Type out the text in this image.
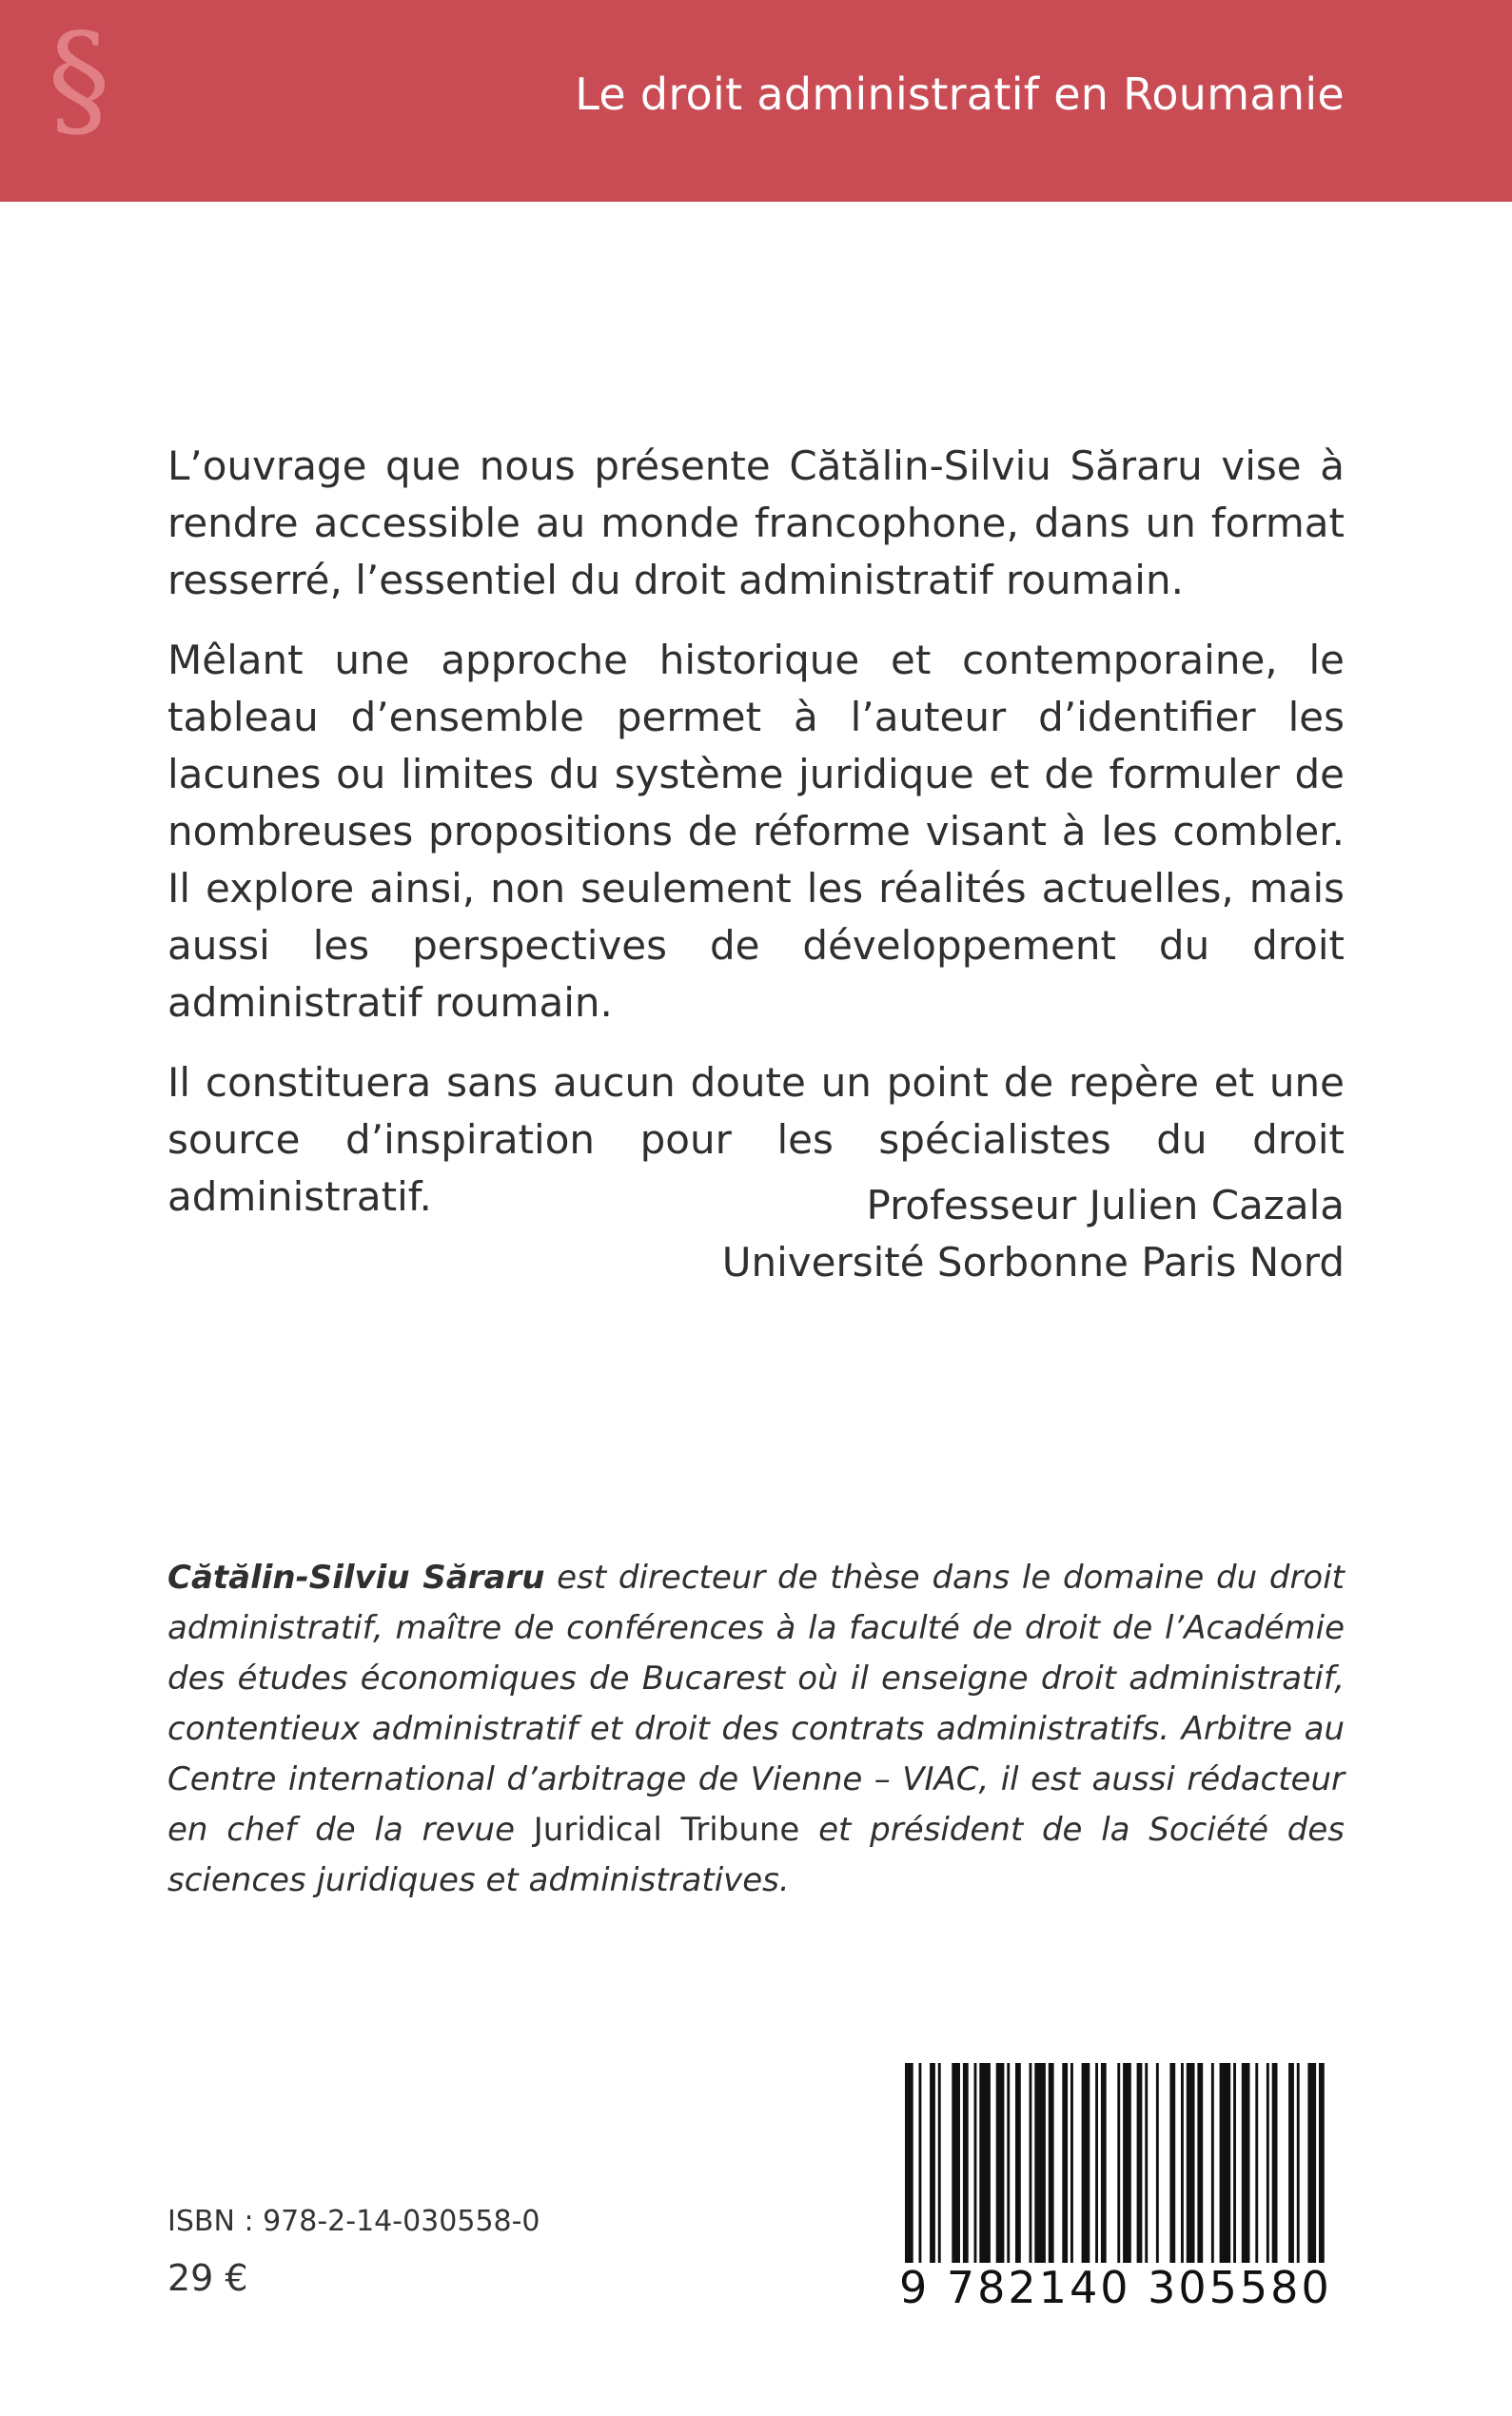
§	Le droit administratif en Roumanie

L’ouvrage que nous présente Cătălin-Silviu Săraru vise à rendre accessible au monde francophone, dans un format resserré, l’essentiel du droit administratif roumain.

Mêlant une approche historique et contemporaine, le tableau d’ensemble permet à l’auteur d’identifier les lacunes ou limites du système juridique et de formuler de nombreuses propositions de réforme visant à les combler. Il explore ainsi, non seulement les réalités actuelles, mais aussi les perspectives de développement du droit administratif roumain.

Il constituera sans aucun doute un point de repère et une source d’inspiration pour les spécialistes du droit administratif.	Professeur Julien Cazala
Université Sorbonne Paris Nord
Cătălin-Silviu Săraru est directeur de thèse dans le domaine du droit administratif, maître de conférences à la faculté de droit de l’Académie des études économiques de Bucarest où il enseigne droit administratif, contentieux administratif et droit des contrats administratifs. Arbitre au Centre international d’arbitrage de Vienne – VIAC, il est aussi rédacteur en chef de la revue Juridical Tribune et président de la Société des sciences juridiques et administratives.
ISBN : 978-2-14-030558-0
29 €	9 782140 305580
